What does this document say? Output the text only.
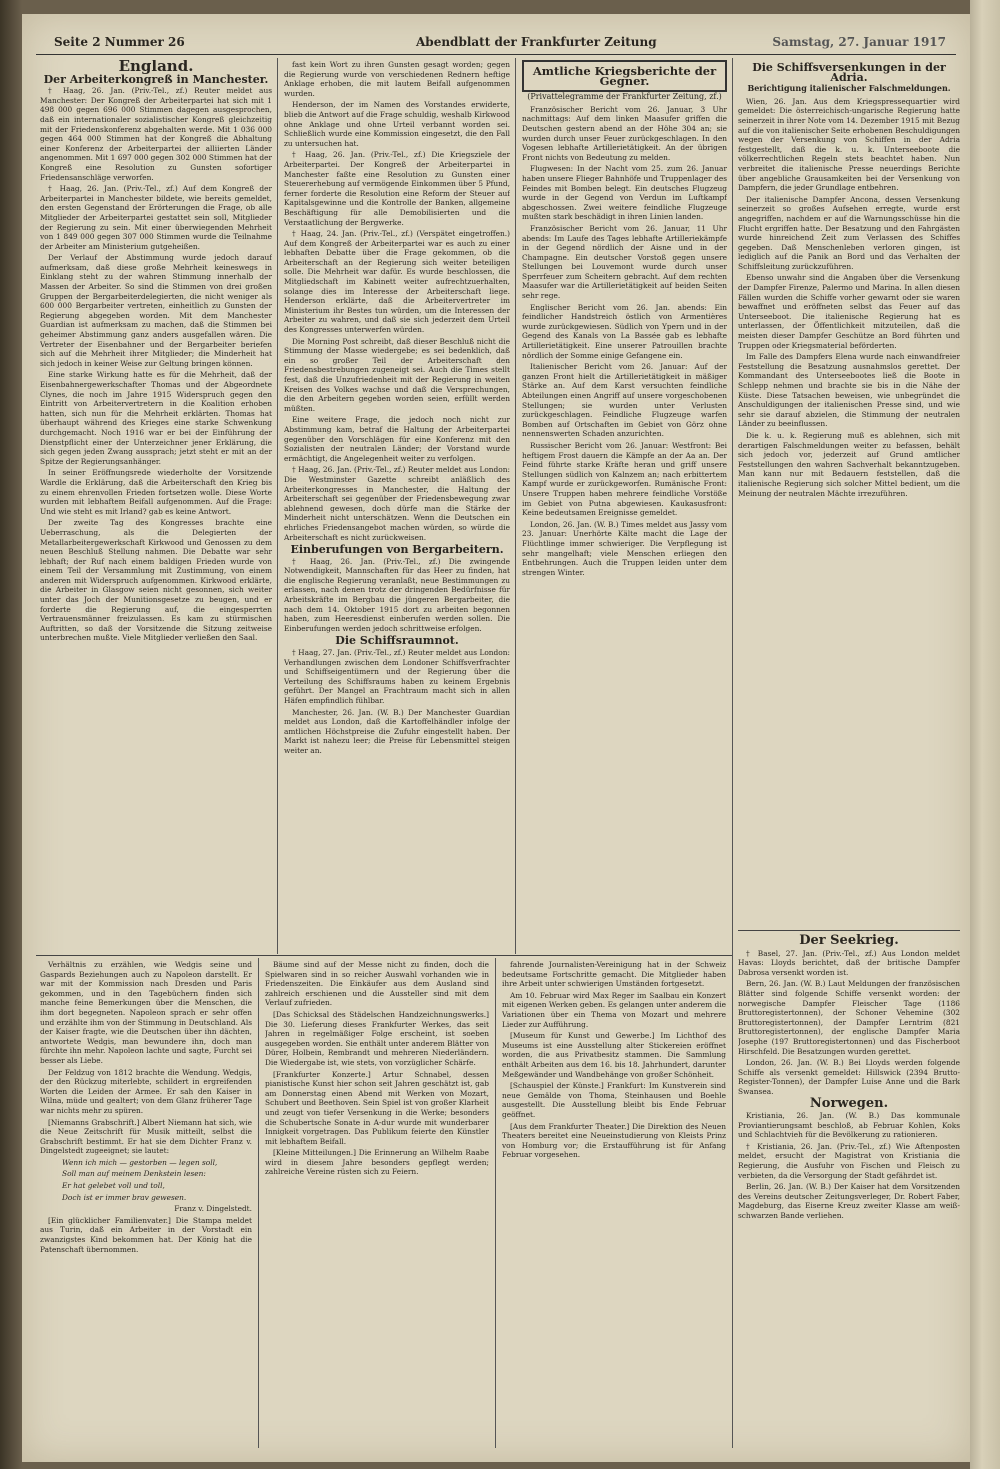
Seite 2 Nummer 26	Abendblatt der Frankfurter Zeitung	Samstag, 27. Januar 1917
England.
Der Arbeiterkongreß in Manchester.

† Haag, 26. Jan. (Priv.-Tel., zf.) Reuter meldet aus Manchester: Der Kongreß der Arbeiterpartei hat sich mit 1 498 000 gegen 696 000 Stimmen dagegen ausgesprochen, daß ein internationaler sozialistischer Kongreß gleichzeitig mit der Friedenskonferenz abgehalten werde. Mit 1 036 000 gegen 464 000 Stimmen hat der Kongreß die Abhaltung einer Konferenz der Arbeiterpartei der alliierten Länder angenommen. Mit 1 697 000 gegen 302 000 Stimmen hat der Kongreß eine Resolution zu Gunsten sofortiger Friedensanschläge verworfen.

† Haag, 26. Jan. (Priv.-Tel., zf.) Auf dem Kongreß der Arbeiterpartei in Manchester bildete, wie bereits gemeldet, den ersten Gegenstand der Erörterungen die Frage, ob alle Mitglieder der Arbeiterpartei gestattet sein soll, Mitglieder der Regierung zu sein. Mit einer überwiegenden Mehrheit von 1 849 000 gegen 307 000 Stimmen wurde die Teilnahme der Arbeiter am Ministerium gutgeheißen.

Der Verlauf der Abstimmung wurde jedoch darauf aufmerksam, daß diese große Mehrheit keineswegs in Einklang steht zu der wahren Stimmung innerhalb der Massen der Arbeiter. So sind die Stimmen von drei großen Gruppen der Bergarbeiterdelegierten, die nicht weniger als 600 000 Bergarbeiter vertreten, einheitlich zu Gunsten der Regierung abgegeben worden. Mit dem Manchester Guardian ist aufmerksam zu machen, daß die Stimmen bei geheimer Abstimmung ganz anders ausgefallen wären. Die Vertreter der Eisenbahner und der Bergarbeiter beriefen sich auf die Mehrheit ihrer Mitglieder; die Minderheit hat sich jedoch in keiner Weise zur Geltung bringen können.

Eine starke Wirkung hatte es für die Mehrheit, daß der Eisenbahnergewerkschafter Thomas und der Abgeordnete Clynes, die noch im Jahre 1915 Widerspruch gegen den Eintritt von Arbeitervertretern in die Koalition erhoben hatten, sich nun für die Mehrheit erklärten. Thomas hat überhaupt während des Krieges eine starke Schwenkung durchgemacht. Noch 1916 war er bei der Einführung der Dienstpflicht einer der Unterzeichner jener Erklärung, die sich gegen jeden Zwang aussprach; jetzt steht er mit an der Spitze der Regierungsanhänger.

In seiner Eröffnungsrede wiederholte der Vorsitzende Wardle die Erklärung, daß die Arbeiterschaft den Krieg bis zu einem ehrenvollen Frieden fortsetzen wolle. Diese Worte wurden mit lebhaftem Beifall aufgenommen. Auf die Frage: Und wie steht es mit Irland? gab es keine Antwort.

Der zweite Tag des Kongresses brachte eine Ueberraschung, als die Delegierten der Metallarbeitergewerkschaft Kirkwood und Genossen zu dem neuen Beschluß Stellung nahmen. Die Debatte war sehr lebhaft; der Ruf nach einem baldigen Frieden wurde von einem Teil der Versammlung mit Zustimmung, von einem anderen mit Widerspruch aufgenommen. Kirkwood erklärte, die Arbeiter in Glasgow seien nicht gesonnen, sich weiter unter das Joch der Munitionsgesetze zu beugen, und er forderte die Regierung auf, die eingesperrten Vertrauensmänner freizulassen. Es kam zu stürmischen Auftritten, so daß der Vorsitzende die Sitzung zeitweise unterbrechen mußte. Viele Mitglieder verließen den Saal.

fast kein Wort zu ihren Gunsten gesagt worden; gegen die Regierung wurde von verschiedenen Rednern heftige Anklage erhoben, die mit lautem Beifall aufgenommen wurden.

Henderson, der im Namen des Vorstandes erwiderte, blieb die Antwort auf die Frage schuldig, weshalb Kirkwood ohne Anklage und ohne Urteil verbannt worden sei. Schließlich wurde eine Kommission eingesetzt, die den Fall zu untersuchen hat.

† Haag, 26. Jan. (Priv.-Tel., zf.) Die Kriegsziele der Arbeiterpartei. Der Kongreß der Arbeiterpartei in Manchester faßte eine Resolution zu Gunsten einer Steuererhebung auf vermögende Einkommen über 5 Pfund, ferner forderte die Resolution eine Reform der Steuer auf Kapitalsgewinne und die Kontrolle der Banken, allgemeine Beschäftigung für alle Demobilisierten und die Verstaatlichung der Bergwerke.

† Haag, 24. Jan. (Priv.-Tel., zf.) (Verspätet eingetroffen.) Auf dem Kongreß der Arbeiterpartei war es auch zu einer lebhaften Debatte über die Frage gekommen, ob die Arbeiterschaft an der Regierung sich weiter beteiligen solle. Die Mehrheit war dafür. Es wurde beschlossen, die Mitgliedschaft im Kabinett weiter aufrechtzuerhalten, solange dies im Interesse der Arbeiterschaft liege. Henderson erklärte, daß die Arbeitervertreter im Ministerium ihr Bestes tun würden, um die Interessen der Arbeiter zu wahren, und daß sie sich jederzeit dem Urteil des Kongresses unterwerfen würden.

Die Morning Post schreibt, daß dieser Beschluß nicht die Stimmung der Masse wiedergebe; es sei bedenklich, daß ein so großer Teil der Arbeiterschaft den Friedensbestrebungen zugeneigt sei. Auch die Times stellt fest, daß die Unzufriedenheit mit der Regierung in weiten Kreisen des Volkes wachse und daß die Versprechungen, die den Arbeitern gegeben worden seien, erfüllt werden müßten.

Eine weitere Frage, die jedoch noch nicht zur Abstimmung kam, betraf die Haltung der Arbeiterpartei gegenüber den Vorschlägen für eine Konferenz mit den Sozialisten der neutralen Länder; der Vorstand wurde ermächtigt, die Angelegenheit weiter zu verfolgen.

† Haag, 26. Jan. (Priv.-Tel., zf.) Reuter meldet aus London: Die Westminster Gazette schreibt anläßlich des Arbeiterkongresses in Manchester, die Haltung der Arbeiterschaft sei gegenüber der Friedensbewegung zwar ablehnend gewesen, doch dürfe man die Stärke der Minderheit nicht unterschätzen. Wenn die Deutschen ein ehrliches Friedensangebot machen würden, so würde die Arbeiterschaft es nicht zurückweisen.

Einberufungen von Bergarbeitern.

† Haag, 26. Jan. (Priv.-Tel., zf.) Die zwingende Notwendigkeit, Mannschaften für das Heer zu finden, hat die englische Regierung veranlaßt, neue Bestimmungen zu erlassen, nach denen trotz der dringenden Bedürfnisse für Arbeitskräfte im Bergbau die jüngeren Bergarbeiter, die nach dem 14. Oktober 1915 dort zu arbeiten begonnen haben, zum Heeresdienst einberufen werden sollen. Die Einberufungen werden jedoch schrittweise erfolgen.

Die Schiffsraumnot.

† Haag, 27. Jan. (Priv.-Tel., zf.) Reuter meldet aus London: Verhandlungen zwischen dem Londoner Schiffsverfrachter und Schiffseigentümern und der Regierung über die Verteilung des Schiffsraums haben zu keinem Ergebnis geführt. Der Mangel an Frachtraum macht sich in allen Häfen empfindlich fühlbar.

Manchester, 26. Jan. (W. B.) Der Manchester Guardian meldet aus London, daß die Kartoffelhändler infolge der amtlichen Höchstpreise die Zufuhr eingestellt haben. Der Markt ist nahezu leer; die Preise für Lebensmittel steigen weiter an.

Amtliche Kriegsberichte der Gegner.
(Privattelegramme der Frankfurter Zeitung, zf.)

Französischer Bericht vom 26. Januar, 3 Uhr nachmittags: Auf dem linken Maasufer griffen die Deutschen gestern abend an der Höhe 304 an; sie wurden durch unser Feuer zurückgeschlagen. In den Vogesen lebhafte Artillerietätigkeit. An der übrigen Front nichts von Bedeutung zu melden.

Flugwesen: In der Nacht vom 25. zum 26. Januar haben unsere Flieger Bahnhöfe und Truppenlager des Feindes mit Bomben belegt. Ein deutsches Flugzeug wurde in der Gegend von Verdun im Luftkampf abgeschossen. Zwei weitere feindliche Flugzeuge mußten stark beschädigt in ihren Linien landen.

Französischer Bericht vom 26. Januar, 11 Uhr abends: Im Laufe des Tages lebhafte Artilleriekämpfe in der Gegend nördlich der Aisne und in der Champagne. Ein deutscher Vorstoß gegen unsere Stellungen bei Louvemont wurde durch unser Sperrfeuer zum Scheitern gebracht. Auf dem rechten Maasufer war die Artillerietätigkeit auf beiden Seiten sehr rege.

Englischer Bericht vom 26. Jan. abends: Ein feindlicher Handstreich östlich von Armentières wurde zurückgewiesen. Südlich von Ypern und in der Gegend des Kanals von La Bassée gab es lebhafte Artillerietätigkeit. Eine unserer Patrouillen brachte nördlich der Somme einige Gefangene ein.

Italienischer Bericht vom 26. Januar: Auf der ganzen Front hielt die Artillerietätigkeit in mäßiger Stärke an. Auf dem Karst versuchten feindliche Abteilungen einen Angriff auf unsere vorgeschobenen Stellungen; sie wurden unter Verlusten zurückgeschlagen. Feindliche Flugzeuge warfen Bomben auf Ortschaften im Gebiet von Görz ohne nennenswerten Schaden anzurichten.

Russischer Bericht vom 26. Januar: Westfront: Bei heftigem Frost dauern die Kämpfe an der Aa an. Der Feind führte starke Kräfte heran und griff unsere Stellungen südlich von Kalnzem an; nach erbittertem Kampf wurde er zurückgeworfen. Rumänische Front: Unsere Truppen haben mehrere feindliche Vorstöße im Gebiet von Putna abgewiesen. Kaukasusfront: Keine bedeutsamen Ereignisse gemeldet.

London, 26. Jan. (W. B.) Times meldet aus Jassy vom 23. Januar: Unerhörte Kälte macht die Lage der Flüchtlinge immer schwieriger. Die Verpflegung ist sehr mangelhaft; viele Menschen erliegen den Entbehrungen. Auch die Truppen leiden unter dem strengen Winter.

Die Schiffsversenkungen in der Adria.
Berichtigung italienischer Falschmeldungen.

Wien, 26. Jan. Aus dem Kriegspressequartier wird gemeldet: Die österreichisch-ungarische Regierung hatte seinerzeit in ihrer Note vom 14. Dezember 1915 mit Bezug auf die von italienischer Seite erhobenen Beschuldigungen wegen der Versenkung von Schiffen in der Adria festgestellt, daß die k. u. k. Unterseeboote die völkerrechtlichen Regeln stets beachtet haben. Nun verbreitet die italienische Presse neuerdings Berichte über angebliche Grausamkeiten bei der Versenkung von Dampfern, die jeder Grundlage entbehren.

Der italienische Dampfer Ancona, dessen Versenkung seinerzeit so großes Aufsehen erregte, wurde erst angegriffen, nachdem er auf die Warnungsschüsse hin die Flucht ergriffen hatte. Der Besatzung und den Fahrgästen wurde hinreichend Zeit zum Verlassen des Schiffes gegeben. Daß Menschenleben verloren gingen, ist lediglich auf die Panik an Bord und das Verhalten der Schiffsleitung zurückzuführen.

Ebenso unwahr sind die Angaben über die Versenkung der Dampfer Firenze, Palermo und Marina. In allen diesen Fällen wurden die Schiffe vorher gewarnt oder sie waren bewaffnet und eröffneten selbst das Feuer auf das Unterseeboot. Die italienische Regierung hat es unterlassen, der Öffentlichkeit mitzuteilen, daß die meisten dieser Dampfer Geschütze an Bord führten und Truppen oder Kriegsmaterial beförderten.

Im Falle des Dampfers Elena wurde nach einwandfreier Feststellung die Besatzung ausnahmslos gerettet. Der Kommandant des Unterseebootes ließ die Boote in Schlepp nehmen und brachte sie bis in die Nähe der Küste. Diese Tatsachen beweisen, wie unbegründet die Anschuldigungen der italienischen Presse sind, und wie sehr sie darauf abzielen, die Stimmung der neutralen Länder zu beeinflussen.

Die k. u. k. Regierung muß es ablehnen, sich mit derartigen Falschmeldungen weiter zu befassen, behält sich jedoch vor, jederzeit auf Grund amtlicher Feststellungen den wahren Sachverhalt bekanntzugeben. Man kann nur mit Bedauern feststellen, daß die italienische Regierung sich solcher Mittel bedient, um die Meinung der neutralen Mächte irrezuführen.

Der Seekrieg.

† Basel, 27. Jan. (Priv.-Tel., zf.) Aus London meldet Havas: Lloyds berichtet, daß der britische Dampfer Dabrosa versenkt worden ist.

Bern, 26. Jan. (W. B.) Laut Meldungen der französischen Blätter sind folgende Schiffe versenkt worden: der norwegische Dampfer Fleischer Tage (1186 Bruttoregistertonnen), der Schoner Vehemine (302 Bruttoregistertonnen), der Dampfer Lerntrim (821 Bruttoregistertonnen), der englische Dampfer Maria Josephe (197 Bruttoregistertonnen) und das Fischerboot Hirschfeld. Die Besatzungen wurden gerettet.

London, 26. Jan. (W. B.) Bei Lloyds werden folgende Schiffe als versenkt gemeldet: Hillswick (2394 Brutto-Register-Tonnen), der Dampfer Luise Anne und die Bark Swansea.

Norwegen.

Kristiania, 26. Jan. (W. B.) Das kommunale Proviantierungsamt beschloß, ab Februar Kohlen, Koks und Schlachtvieh für die Bevölkerung zu rationieren.

† Kristiania, 26. Jan. (Priv.-Tel., zf.) Wie Aftenposten meldet, ersucht der Magistrat von Kristiania die Regierung, die Ausfuhr von Fischen und Fleisch zu verbieten, da die Versorgung der Stadt gefährdet ist.

Berlin, 26. Jan. (W. B.) Der Kaiser hat dem Vorsitzenden des Vereins deutscher Zeitungsverleger, Dr. Robert Faber, Magdeburg, das Eiserne Kreuz zweiter Klasse am weiß-schwarzen Bande verliehen.

Verhältnis zu erzählen, wie Wedgis seine und Gaspards Beziehungen auch zu Napoleon darstellt. Er war mit der Kommission nach Dresden und Paris gekommen, und in den Tagebüchern finden sich manche feine Bemerkungen über die Menschen, die ihm dort begegneten. Napoleon sprach er sehr offen und erzählte ihm von der Stimmung in Deutschland. Als der Kaiser fragte, wie die Deutschen über ihn dächten, antwortete Wedgis, man bewundere ihn, doch man fürchte ihn mehr. Napoleon lachte und sagte, Furcht sei besser als Liebe.

Der Feldzug von 1812 brachte die Wendung. Wedgis, der den Rückzug miterlebte, schildert in ergreifenden Worten die Leiden der Armee. Er sah den Kaiser in Wilna, müde und gealtert; von dem Glanz früherer Tage war nichts mehr zu spüren.

[Niemanns Grabschrift.] Albert Niemann hat sich, wie die Neue Zeitschrift für Musik mitteilt, selbst die Grabschrift bestimmt. Er hat sie dem Dichter Franz v. Dingelstedt zugeeignet; sie lautet:

Wenn ich mich — gestorben — legen soll,

Soll man auf meinem Denkstein lesen:

Er hat gelebet voll und toll,

Doch ist er immer brav gewesen.

Franz v. Dingelstedt.

[Ein glücklicher Familienvater.] Die Stampa meldet aus Turin, daß ein Arbeiter in der Vorstadt ein zwanzigstes Kind bekommen hat. Der König hat die Patenschaft übernommen.

Bäume sind auf der Messe nicht zu finden, doch die Spielwaren sind in so reicher Auswahl vorhanden wie in Friedenszeiten. Die Einkäufer aus dem Ausland sind zahlreich erschienen und die Aussteller sind mit dem Verlauf zufrieden.

[Das Schicksal des Städelschen Handzeichnungswerks.] Die 30. Lieferung dieses Frankfurter Werkes, das seit Jahren in regelmäßiger Folge erscheint, ist soeben ausgegeben worden. Sie enthält unter anderem Blätter von Dürer, Holbein, Rembrandt und mehreren Niederländern. Die Wiedergabe ist, wie stets, von vorzüglicher Schärfe.

[Frankfurter Konzerte.] Artur Schnabel, dessen pianistische Kunst hier schon seit Jahren geschätzt ist, gab am Donnerstag einen Abend mit Werken von Mozart, Schubert und Beethoven. Sein Spiel ist von großer Klarheit und zeugt von tiefer Versenkung in die Werke; besonders die Schubertsche Sonate in A-dur wurde mit wunderbarer Innigkeit vorgetragen. Das Publikum feierte den Künstler mit lebhaftem Beifall.

[Kleine Mitteilungen.] Die Erinnerung an Wilhelm Raabe wird in diesem Jahre besonders gepflegt werden; zahlreiche Vereine rüsten sich zu Feiern.

fahrende Journalisten-Vereinigung hat in der Schweiz bedeutsame Fortschritte gemacht. Die Mitglieder haben ihre Arbeit unter schwierigen Umständen fortgesetzt.

Am 10. Februar wird Max Reger im Saalbau ein Konzert mit eigenen Werken geben. Es gelangen unter anderem die Variationen über ein Thema von Mozart und mehrere Lieder zur Aufführung.

[Museum für Kunst und Gewerbe.] Im Lichthof des Museums ist eine Ausstellung alter Stickereien eröffnet worden, die aus Privatbesitz stammen. Die Sammlung enthält Arbeiten aus dem 16. bis 18. Jahrhundert, darunter Meßgewänder und Wandbehänge von großer Schönheit.

[Schauspiel der Künste.] Frankfurt: Im Kunstverein sind neue Gemälde von Thoma, Steinhausen und Boehle ausgestellt. Die Ausstellung bleibt bis Ende Februar geöffnet.

[Aus dem Frankfurter Theater.] Die Direktion des Neuen Theaters bereitet eine Neueinstudierung von Kleists Prinz von Homburg vor; die Erstaufführung ist für Anfang Februar vorgesehen.
